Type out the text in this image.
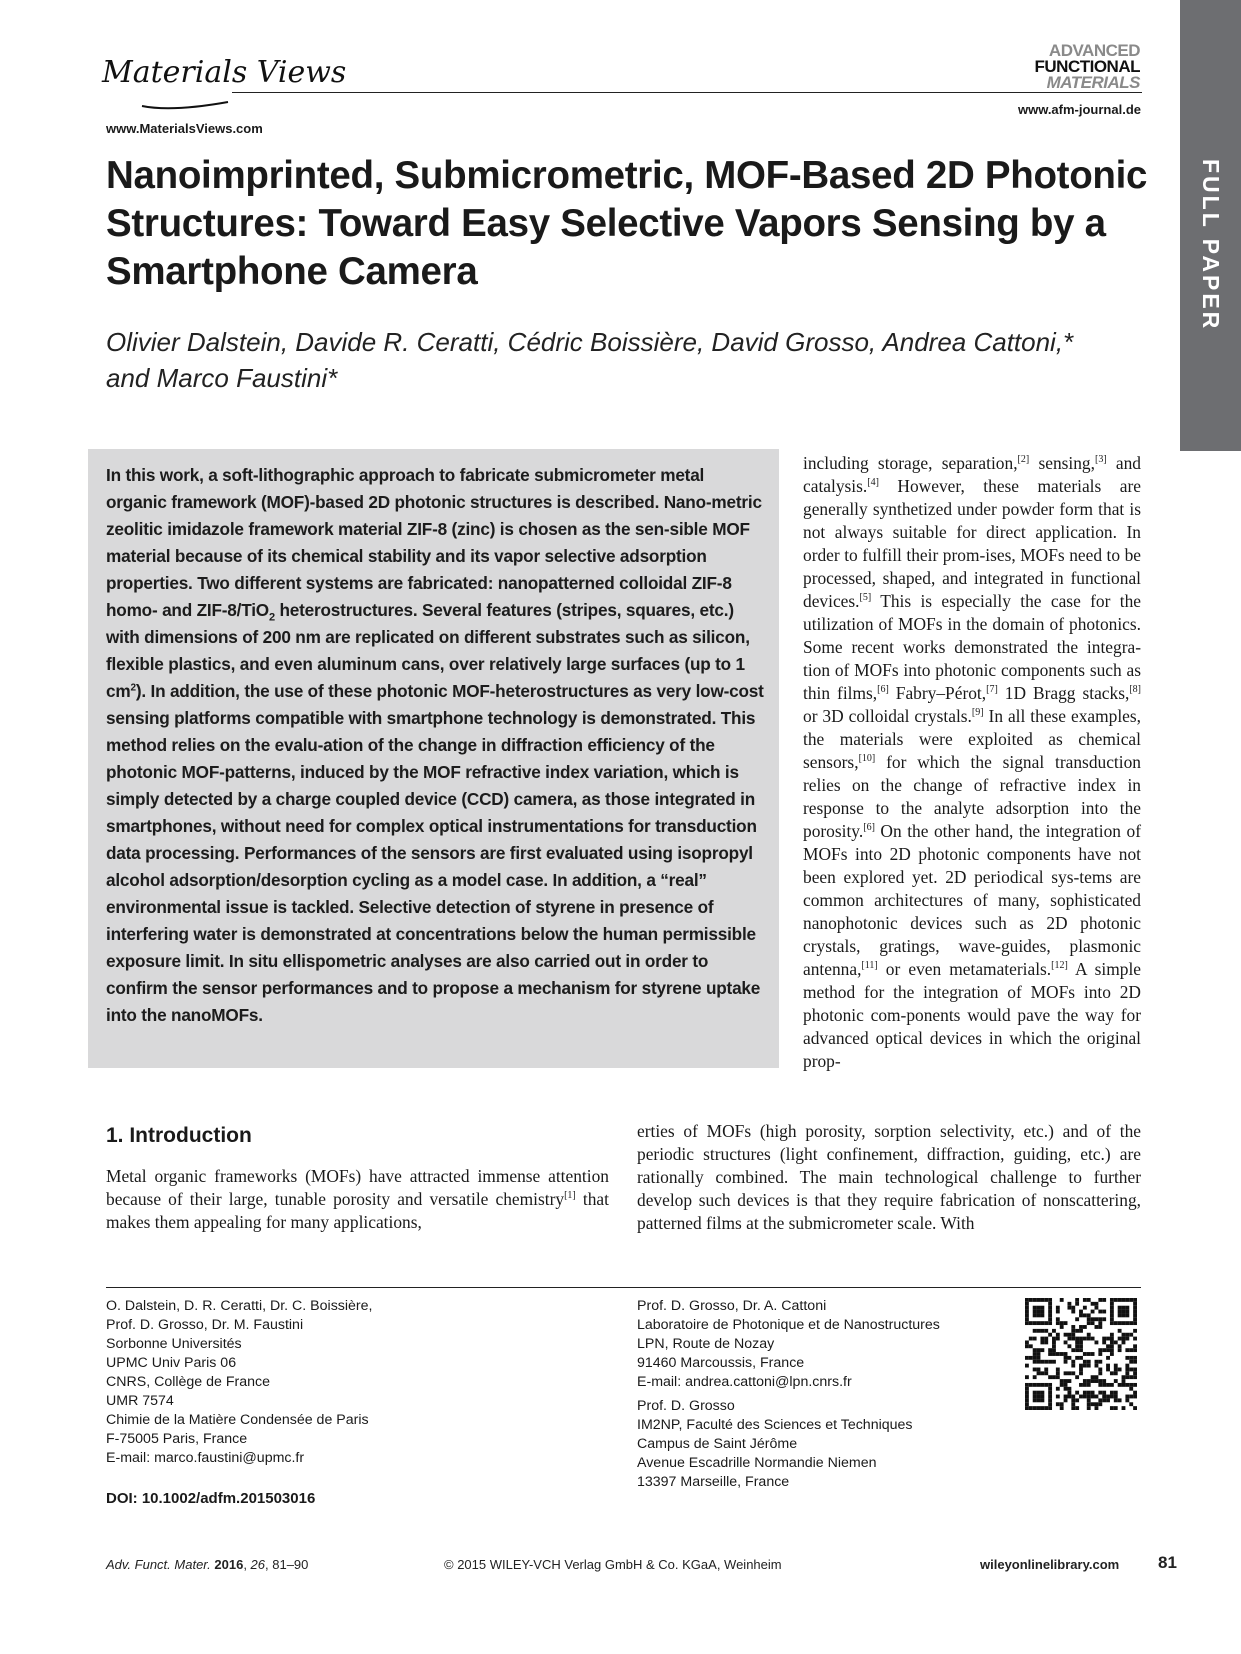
Materials Views
www.MaterialsViews.com
ADVANCED
FUNCTIONAL
MATERIALS
www.afm-journal.de
FULL PAPER
Nanoimprinted, Submicrometric, MOF-Based 2D Photonic Structures: Toward Easy Selective Vapors Sensing by a Smartphone Camera
Olivier Dalstein, Davide R. Ceratti, Cédric Boissière, David Grosso, Andrea Cattoni,*
and Marco Faustini*

In this work, a soft-lithographic approach to fabricate submicrometer metal organic framework (MOF)-based 2D photonic structures is described. Nano-metric zeolitic imidazole framework material ZIF-8 (zinc) is chosen as the sen-sible MOF material because of its chemical stability and its vapor selective adsorption properties. Two different systems are fabricated: nanopatterned colloidal ZIF-8 homo- and ZIF-8/TiO$_2$ heterostructures. Several features (stripes, squares, etc.) with dimensions of 200 nm are replicated on different substrates such as silicon, flexible plastics, and even aluminum cans, over relatively large surfaces (up to 1 $cm^2$). In addition, the use of these photonic MOF-heterostructures as very low-cost sensing platforms compatible with smartphone technology is demonstrated. This method relies on the evalu-ation of the change in diffraction efficiency of the photonic MOF-patterns, induced by the MOF refractive index variation, which is simply detected by a charge coupled device (CCD) camera, as those integrated in smartphones, without need for complex optical instrumentations for transduction data processing. Performances of the sensors are first evaluated using isopropyl alcohol adsorption/desorption cycling as a model case. In addition, a “real” environmental issue is tackled. Selective detection of styrene in presence of interfering water is demonstrated at concentrations below the human permissible exposure limit. In situ ellispometric analyses are also carried out in order to confirm the sensor performances and to propose a mechanism for styrene uptake into the nanoMOFs.

including storage, separation,[2] sensing,[3] and catalysis.[4] However, these materials are generally synthetized under powder form that is not always suitable for direct application. In order to fulfill their prom-ises, MOFs need to be processed, shaped, and integrated in functional devices.[5] This is especially the case for the utilization of MOFs in the domain of photonics. Some recent works demonstrated the integra-tion of MOFs into photonic components such as thin films,[6] Fabry–Pérot,[7] 1D Bragg stacks,[8] or 3D colloidal crystals.[9] In all these examples, the materials were exploited as chemical sensors,[10] for which the signal transduction relies on the change of refractive index in response to the analyte adsorption into the porosity.[6] On the other hand, the integration of MOFs into 2D photonic components have not been explored yet. 2D periodical sys-tems are common architectures of many, sophisticated nanophotonic devices such as 2D photonic crystals, gratings, wave-guides, plasmonic antenna,[11] or even metamaterials.[12] A simple method for the integration of MOFs into 2D photonic com-ponents would pave the way for advanced optical devices in which the original prop-

erties of MOFs (high porosity, sorption selectivity, etc.) and of the periodic structures (light confinement, diffraction, guiding, etc.) are rationally combined. The main technological challenge to further develop such devices is that they require fabrication of nonscattering, patterned films at the submicrometer scale. With

1. Introduction

Metal organic frameworks (MOFs) have attracted immense attention because of their large, tunable porosity and versatile chemistry[1] that makes them appealing for many applications,

O. Dalstein, D. R. Ceratti, Dr. C. Boissière,
Prof. D. Grosso, Dr. M. Faustini
Sorbonne Universités
UPMC Univ Paris 06
CNRS, Collège de France
UMR 7574
Chimie de la Matière Condensée de Paris
F-75005 Paris, France
E-mail: marco.faustini@upmc.fr
Prof. D. Grosso, Dr. A. Cattoni
Laboratoire de Photonique et de Nanostructures
LPN, Route de Nozay
91460 Marcoussis, France
E-mail: andrea.cattoni@lpn.cnrs.fr
Prof. D. Grosso
IM2NP, Faculté des Sciences et Techniques
Campus de Saint Jérôme
Avenue Escadrille Normandie Niemen
13397 Marseille, France
DOI: 10.1002/adfm.201503016
Adv. Funct. Mater. 2016, 26, 81–90	© 2015 WILEY-VCH Verlag GmbH & Co. KGaA, Weinheim	wileyonlinelibrary.com 81
